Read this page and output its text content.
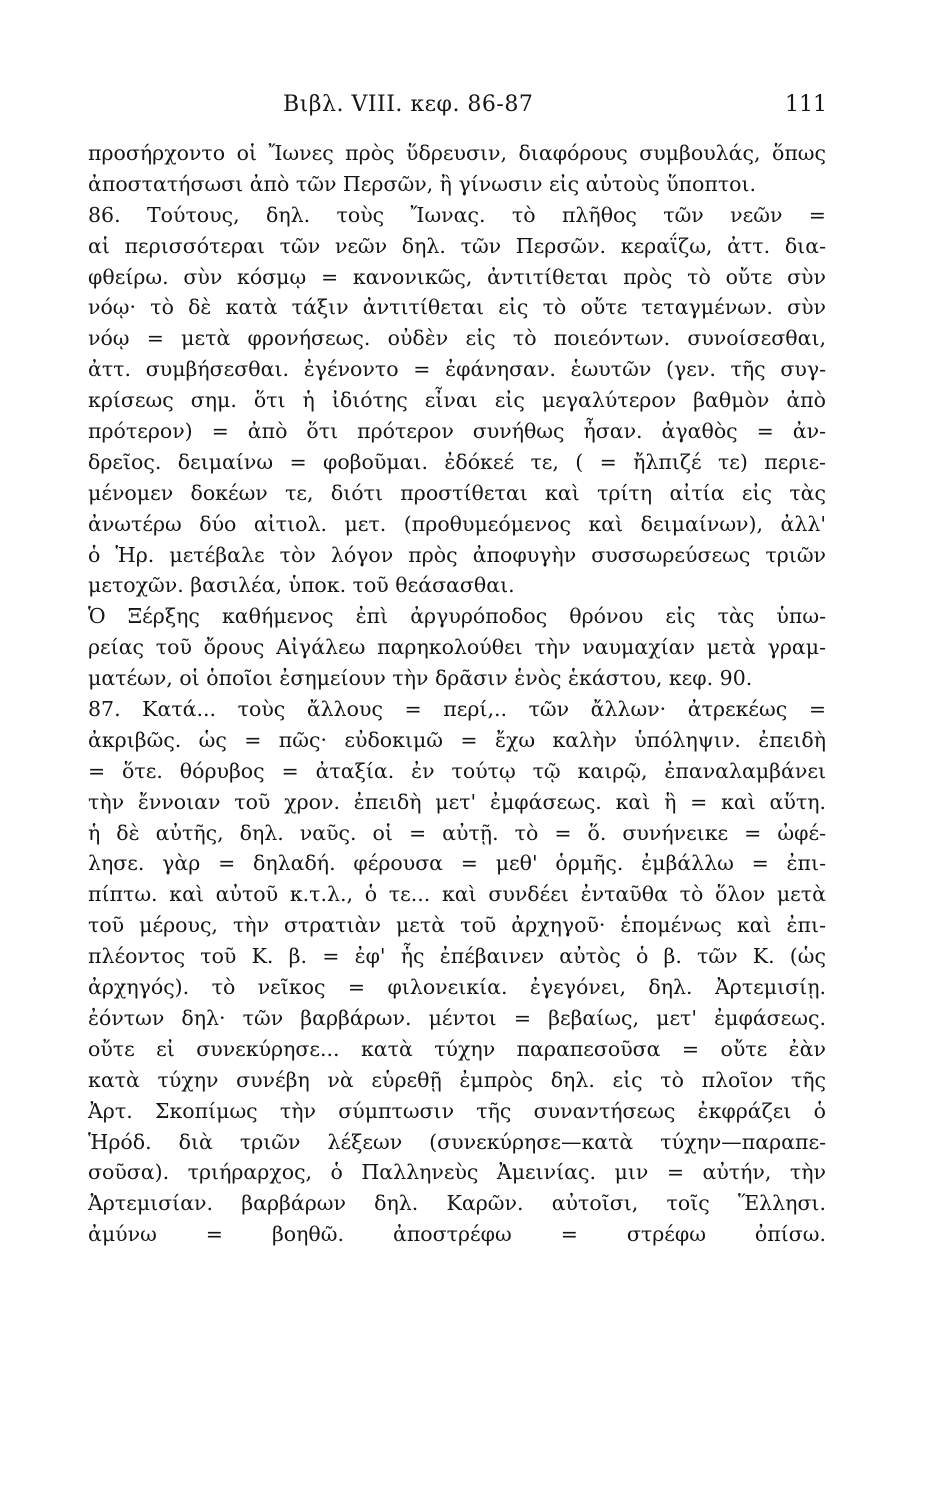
Βιβλ. VIII. κεφ. 86-87	111
προσήρχοντο οἱ Ἴωνες πρὸς ὕδρευσιν, διαφόρους συμβουλάς, ὅπως
ἀποστατήσωσι ἀπὸ τῶν Περσῶν, ἢ γίνωσιν εἰς αὐτοὺς ὕποπτοι.
86. Τούτους, δηλ. τοὺς Ἴωνας. τὸ πλῆθος τῶν νεῶν =
αἱ περισσότεραι τῶν νεῶν δηλ. τῶν Περσῶν. κεραΐζω, ἀττ. δια-
φθείρω. σὺν κόσμῳ = κανονικῶς, ἀντιτίθεται πρὸς τὸ οὔτε σὺν
νόῳ· τὸ δὲ κατὰ τάξιν ἀντιτίθεται εἰς τὸ οὔτε τεταγμένων. σὺν
νόῳ = μετὰ φρονήσεως. οὐδὲν εἰς τὸ ποιεόντων. συνοίσεσθαι,
ἀττ. συμβήσεσθαι. ἐγένοντο = ἐφάνησαν. ἑωυτῶν (γεν. τῆς συγ-
κρίσεως σημ. ὅτι ἡ ἰδιότης εἶναι εἰς μεγαλύτερον βαθμὸν ἀπὸ
πρότερον) = ἀπὸ ὅτι πρότερον συνήθως ἦσαν. ἀγαθὸς = ἀν-
δρεῖος. δειμαίνω = φοβοῦμαι. ἐδόκεέ τε, ( = ἤλπιζέ τε) περιε-
μένομεν δοκέων τε, διότι προστίθεται καὶ τρίτη αἰτία εἰς τὰς
ἀνωτέρω δύο αἰτιολ. μετ. (προθυμεόμενος καὶ δειμαίνων), ἀλλ'
ὁ Ἡρ. μετέβαλε τὸν λόγον πρὸς ἀποφυγὴν συσσωρεύσεως τριῶν
μετοχῶν. βασιλέα, ὑποκ. τοῦ θεάσασθαι.
Ὁ Ξέρξης καθήμενος ἐπὶ ἀργυρόποδος θρόνου εἰς τὰς ὑπω-
ρείας τοῦ ὄρους Αἰγάλεω παρηκολούθει τὴν ναυμαχίαν μετὰ γραμ-
ματέων, οἱ ὁποῖοι ἐσημείουν τὴν δρᾶσιν ἑνὸς ἑκάστου, κεφ. 90.
87. Κατά... τοὺς ἄλλους = περί,.. τῶν ἄλλων· ἀτρεκέως =
ἀκριβῶς. ὡς = πῶς· εὐδοκιμῶ = ἔχω καλὴν ὑπόληψιν. ἐπειδὴ
= ὅτε. θόρυβος = ἀταξία. ἐν τούτῳ τῷ καιρῷ, ἐπαναλαμβάνει
τὴν ἔννοιαν τοῦ χρον. ἐπειδὴ μετ' ἐμφάσεως. καὶ ἣ = καὶ αὕτη.
ἡ δὲ αὐτῆς, δηλ. ναῦς. οἱ = αὐτῇ. τὸ = ὅ. συνήνεικε = ὠφέ-
λησε. γὰρ = δηλαδή. φέρουσα = μεθ' ὁρμῆς. ἐμβάλλω = ἐπι-
πίπτω. καὶ αὐτοῦ κ.τ.λ., ὁ τε... καὶ συνδέει ἐνταῦθα τὸ ὅλον μετὰ
τοῦ μέρους, τὴν στρατιὰν μετὰ τοῦ ἀρχηγοῦ· ἑπομένως καὶ ἐπι-
πλέοντος τοῦ Κ. β. = ἐφ' ἧς ἐπέβαινεν αὐτὸς ὁ β. τῶν Κ. (ὡς
ἀρχηγός). τὸ νεῖκος = φιλονεικία. ἐγεγόνει, δηλ. Ἀρτεμισίῃ.
ἐόντων δηλ· τῶν βαρβάρων. μέντοι = βεβαίως, μετ' ἐμφάσεως.
οὔτε εἰ συνεκύρησε... κατὰ τύχην παραπεσοῦσα = οὔτε ἐὰν
κατὰ τύχην συνέβη νὰ εὑρεθῇ ἐμπρὸς δηλ. εἰς τὸ πλοῖον τῆς
Ἀρτ. Σκοπίμως τὴν σύμπτωσιν τῆς συναντήσεως ἐκφράζει ὁ
Ἡρόδ. διὰ τριῶν λέξεων (συνεκύρησε—κατὰ τύχην—παραπε-
σοῦσα). τριήραρχος, ὁ Παλληνεὺς Ἀμεινίας. μιν = αὐτήν, τὴν
Ἀρτεμισίαν. βαρβάρων δηλ. Καρῶν. αὐτοῖσι, τοῖς Ἕλλησι.
ἀμύνω = βοηθῶ. ἀποστρέφω = στρέφω ὀπίσω.
